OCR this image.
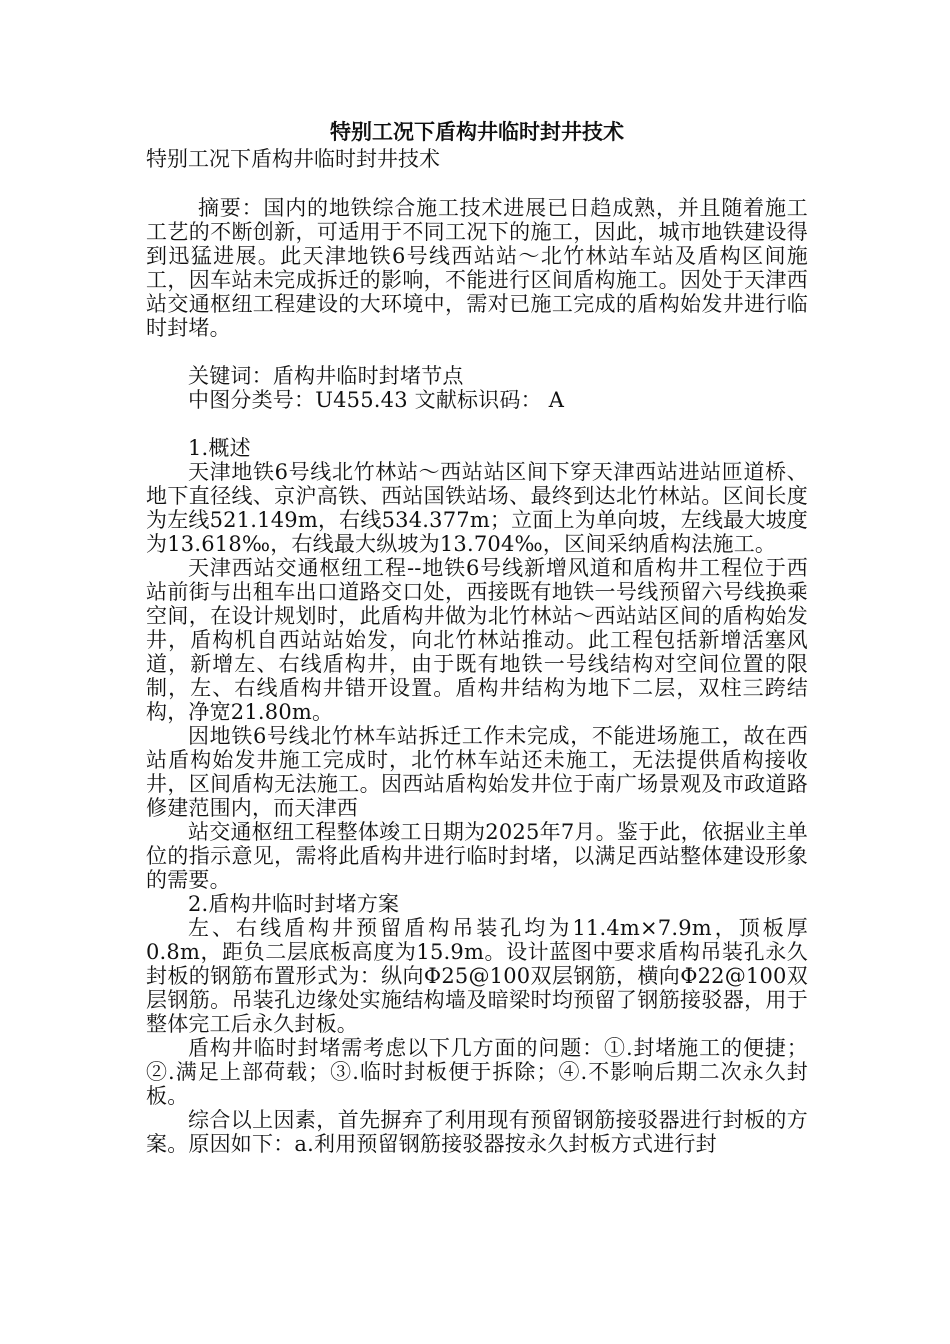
特别工况下盾构井临时封井技术
特别工况下盾构井临时封井技术

摘要：国内的地铁综合施工技术进展已日趋成熟，并且随着施工工艺的不断创新，可适用于不同工况下的施工，因此，城市地铁建设得到迅猛进展。此天津地铁6号线西站站～北竹林站车站及盾构区间施工，因车站未完成拆迁的影响，不能进行区间盾构施工。因处于天津西站交通枢纽工程建设的大环境中，需对已施工完成的盾构始发井进行临时封堵。

关键词：盾构井临时封堵节点

中图分类号：U455.43 文献标识码： A

1.概述

天津地铁6号线北竹林站～西站站区间下穿天津西站进站匝道桥、地下直径线、京沪高铁、西站国铁站场、最终到达北竹林站。区间长度为左线521.149m，右线534.377m；立面上为单向坡，左线最大坡度为13.618‰，右线最大纵坡为13.704‰，区间采纳盾构法施工。

天津西站交通枢纽工程--地铁6号线新增风道和盾构井工程位于西站前街与出租车出口道路交口处，西接既有地铁一号线预留六号线换乘空间，在设计规划时，此盾构井做为北竹林站～西站站区间的盾构始发井，盾构机自西站站始发，向北竹林站推动。此工程包括新增活塞风道，新增左、右线盾构井，由于既有地铁一号线结构对空间位置的限制，左、右线盾构井错开设置。盾构井结构为地下二层，双柱三跨结构，净宽21.80m。

因地铁6号线北竹林车站拆迁工作未完成，不能进场施工，故在西站盾构始发井施工完成时，北竹林车站还未施工，无法提供盾构接收井，区间盾构无法施工。因西站盾构始发井位于南广场景观及市政道路修建范围内，而天津西

站交通枢纽工程整体竣工日期为2025年7月。鉴于此，依据业主单位的指示意见，需将此盾构井进行临时封堵，以满足西站整体建设形象的需要。

2.盾构井临时封堵方案

左、右线盾构井预留盾构吊装孔均为11.4m×7.9m，顶板厚0.8m，距负二层底板高度为15.9m。设计蓝图中要求盾构吊装孔永久封板的钢筋布置形式为：纵向Φ25@100双层钢筋，横向Φ22@100双层钢筋。吊装孔边缘处实施结构墙及暗梁时均预留了钢筋接驳器，用于整体完工后永久封板。

盾构井临时封堵需考虑以下几方面的问题：①.封堵施工的便捷；②.满足上部荷载；③.临时封板便于拆除；④.不影响后期二次永久封板。

综合以上因素，首先摒弃了利用现有预留钢筋接驳器进行封板的方案。原因如下：a.利用预留钢筋接驳器按永久封板方式进行封
